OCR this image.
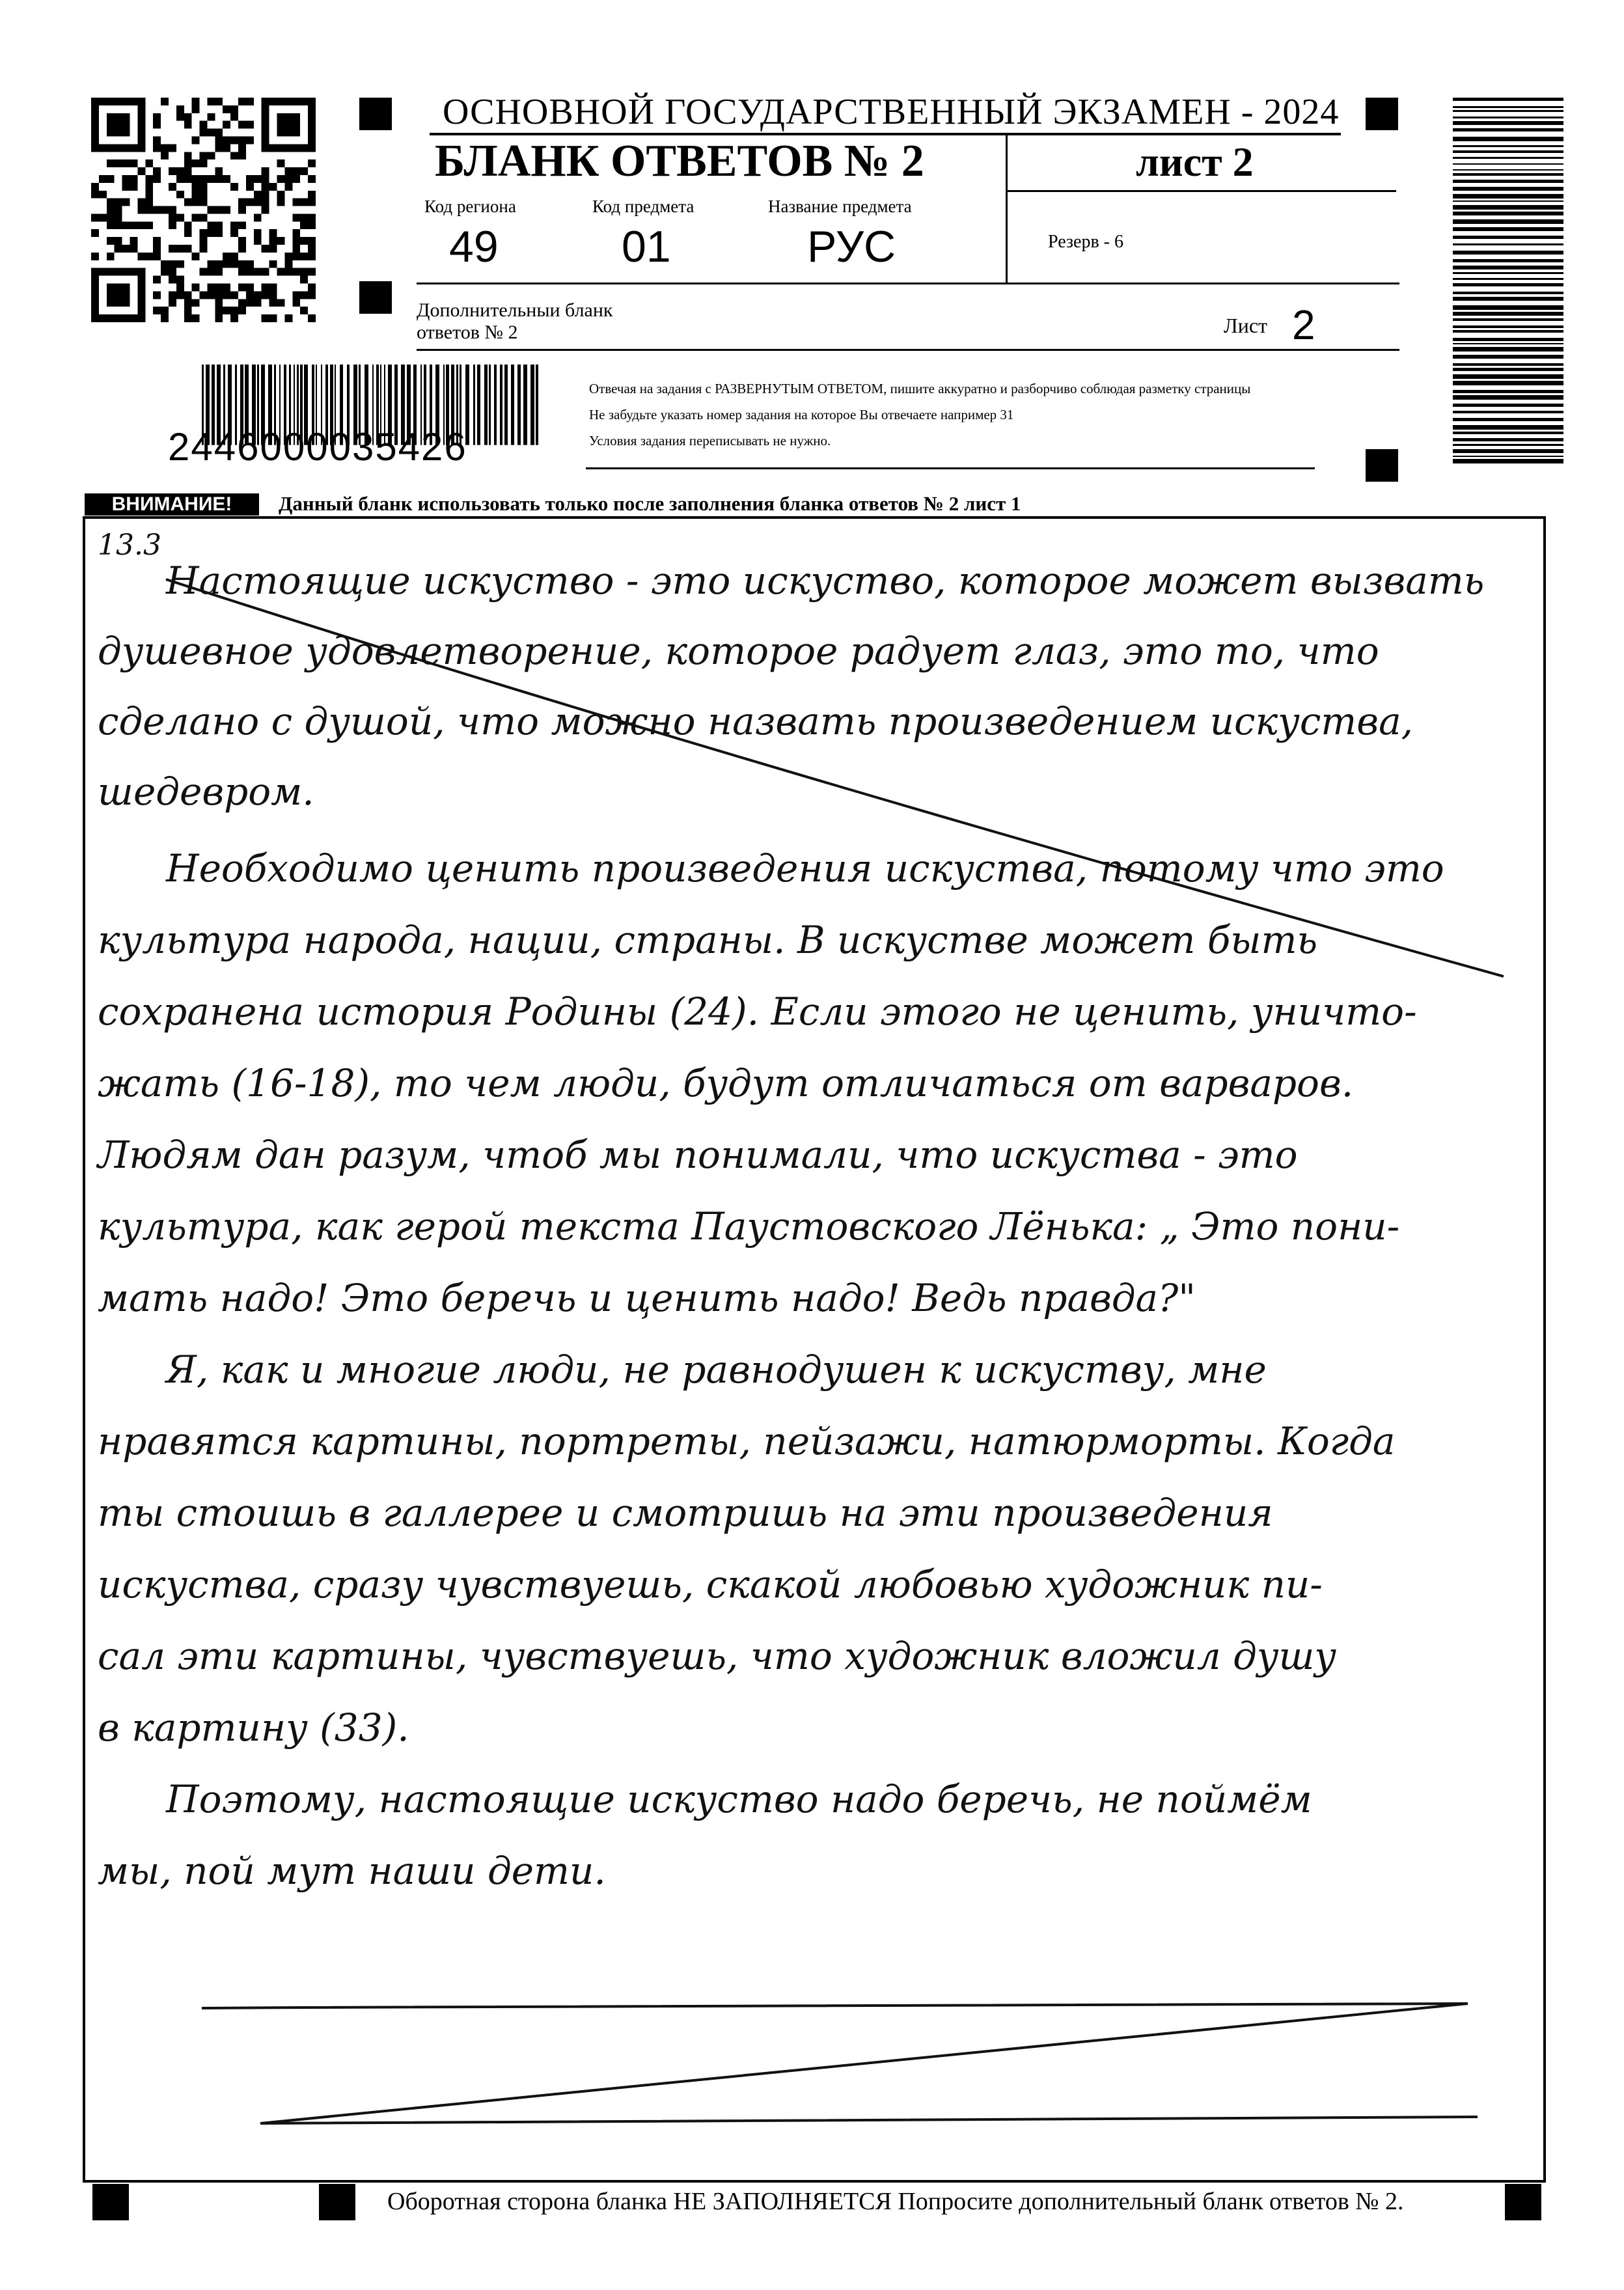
ОСНОВНОЙ ГОСУДАРСТВЕННЫЙ ЭКЗАМЕН - 2024
БЛАНК ОТВЕТОВ № 2	лист 2
Код региона
49
Код предмета
01
Название предмета
РУС	Резерв - 6
Дополнительныи бланк ответов № 2	Лист 2
2446000035426
Отвечая на задания с РАЗВЕРНУТЫМ ОТВЕТОМ, пишите аккуратно и разборчиво соблюдая разметку страницы
Не забудьте указать номер задания на которое Вы отвечаете например 31
Условия задания переписывать не нужно.
ВНИМАНИЕ!	Данный бланк использовать только после заполнения бланка ответов № 2 лист 1
13.3
Настоящие искуство - это искуство, которое может вызвать
душевное удовлетворение, которое радует глаз, это то, что
сделано с душой, что можно назвать произведением искуства,
шедевром.
Необходимо ценить произведения искуства, потому что это
культура народа, нации, страны. В искустве может быть
сохранена история Родины (24). Если этого не ценить, уничто-
жать (16-18), то чем люди, будут отличаться от варваров.
Людям дан разум, чтоб мы понимали, что искуства - это
культура, как герой текста Паустовского Лёнька: „ Это пони-
мать надо! Это беречь и ценить надо! Ведь правда?"
Я, как и многие люди, не равнодушен к искуству, мне
нравятся картины, портреты, пейзажи, натюрморты. Когда
ты стоишь в галлерее и смотришь на эти произведения
искуства, сразу чувствуешь, скакой любовью художник пи-
сал эти картины, чувствуешь, что художник вложил душу
в картину (33).
Поэтому, настоящие искуство надо беречь, не поймём
мы, пой мут наши дети.
Оборотная сторона бланка НЕ ЗАПОЛНЯЕТСЯ Попросите дополнительный бланк ответов № 2.
